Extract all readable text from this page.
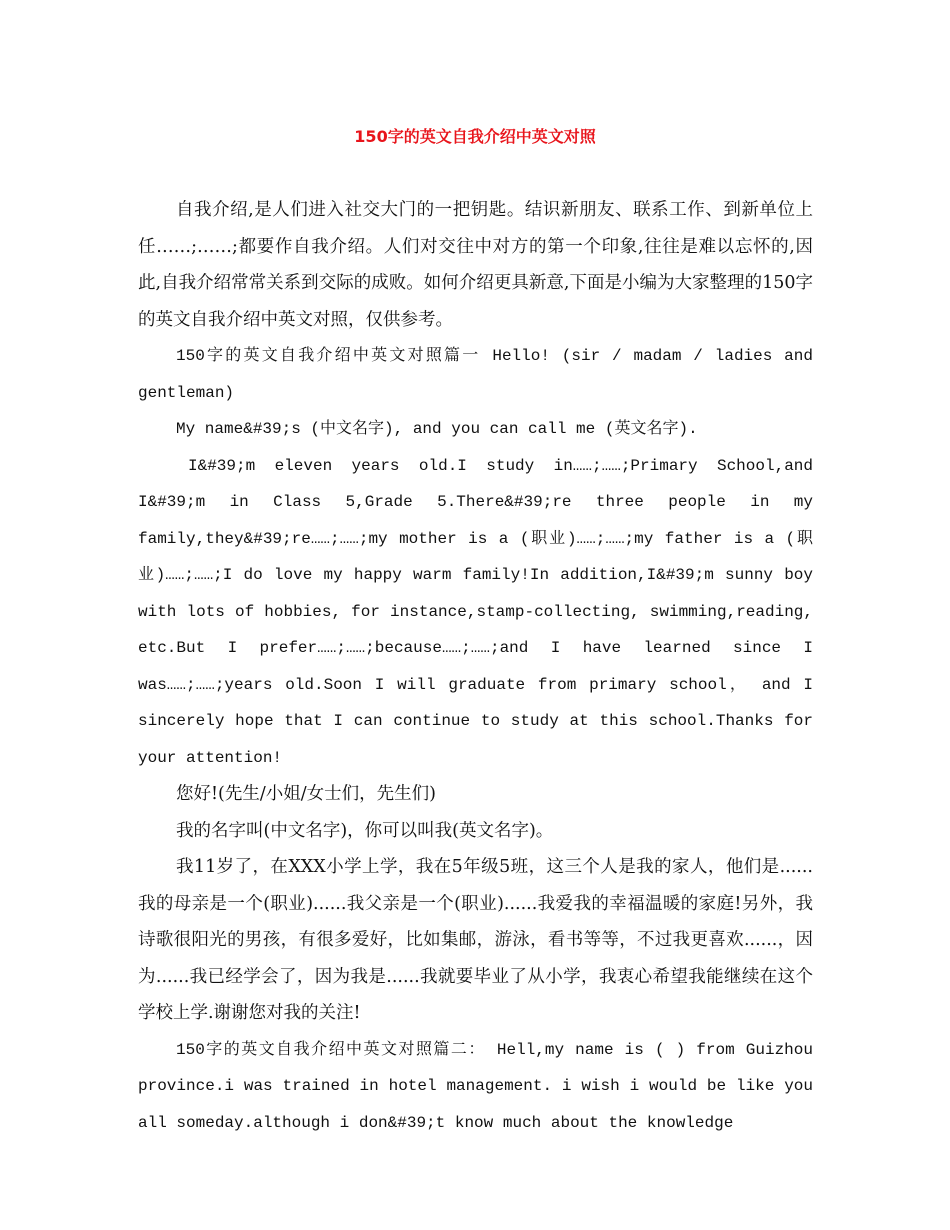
150字的英文自我介绍中英文对照

自我介绍,是人们进入社交大门的一把钥匙。结识新朋友、联系工作、到新单位上任……;……;都要作自我介绍。人们对交往中对方的第一个印象,往往是难以忘怀的,因此,自我介绍常常关系到交际的成败。如何介绍更具新意,下面是小编为大家整理的150字的英文自我介绍中英文对照，仅供参考。

150字的英文自我介绍中英文对照篇一 Hello! (sir / madam / ladies and gentleman)

My name&#39;s (中文名字), and you can call me (英文名字).

I&#39;m eleven years old.I study in……;……;Primary School,and I&#39;m in Class 5,Grade 5.There&#39;re three people in my family,they&#39;re……;……;my mother is a (职业)……;……;my father is a (职业)……;……;I do love my happy warm family!In addition,I&#39;m sunny boy with lots of hobbies, for instance,stamp-collecting, swimming,reading, etc.But I prefer……;……;because……;……;and I have learned since I was……;……;years old.Soon I will graduate from primary school， and I sincerely hope that I can continue to study at this school.Thanks for your attention!

您好!(先生/小姐/女士们，先生们)

我的名字叫(中文名字)，你可以叫我(英文名字)。

我11岁了，在XXX小学上学，我在5年级5班，这三个人是我的家人，他们是......我的母亲是一个(职业)......我父亲是一个(职业)......我爱我的幸福温暖的家庭!另外，我诗歌很阳光的男孩，有很多爱好，比如集邮，游泳，看书等等，不过我更喜欢......，因为......我已经学会了，因为我是......我就要毕业了从小学，我衷心希望我能继续在这个学校上学.谢谢您对我的关注!

150字的英文自我介绍中英文对照篇二： Hell,my name is ( ) from Guizhou province.i was trained in hotel management. i wish i would be like you all someday.although i don&#39;t know much about the knowledge
